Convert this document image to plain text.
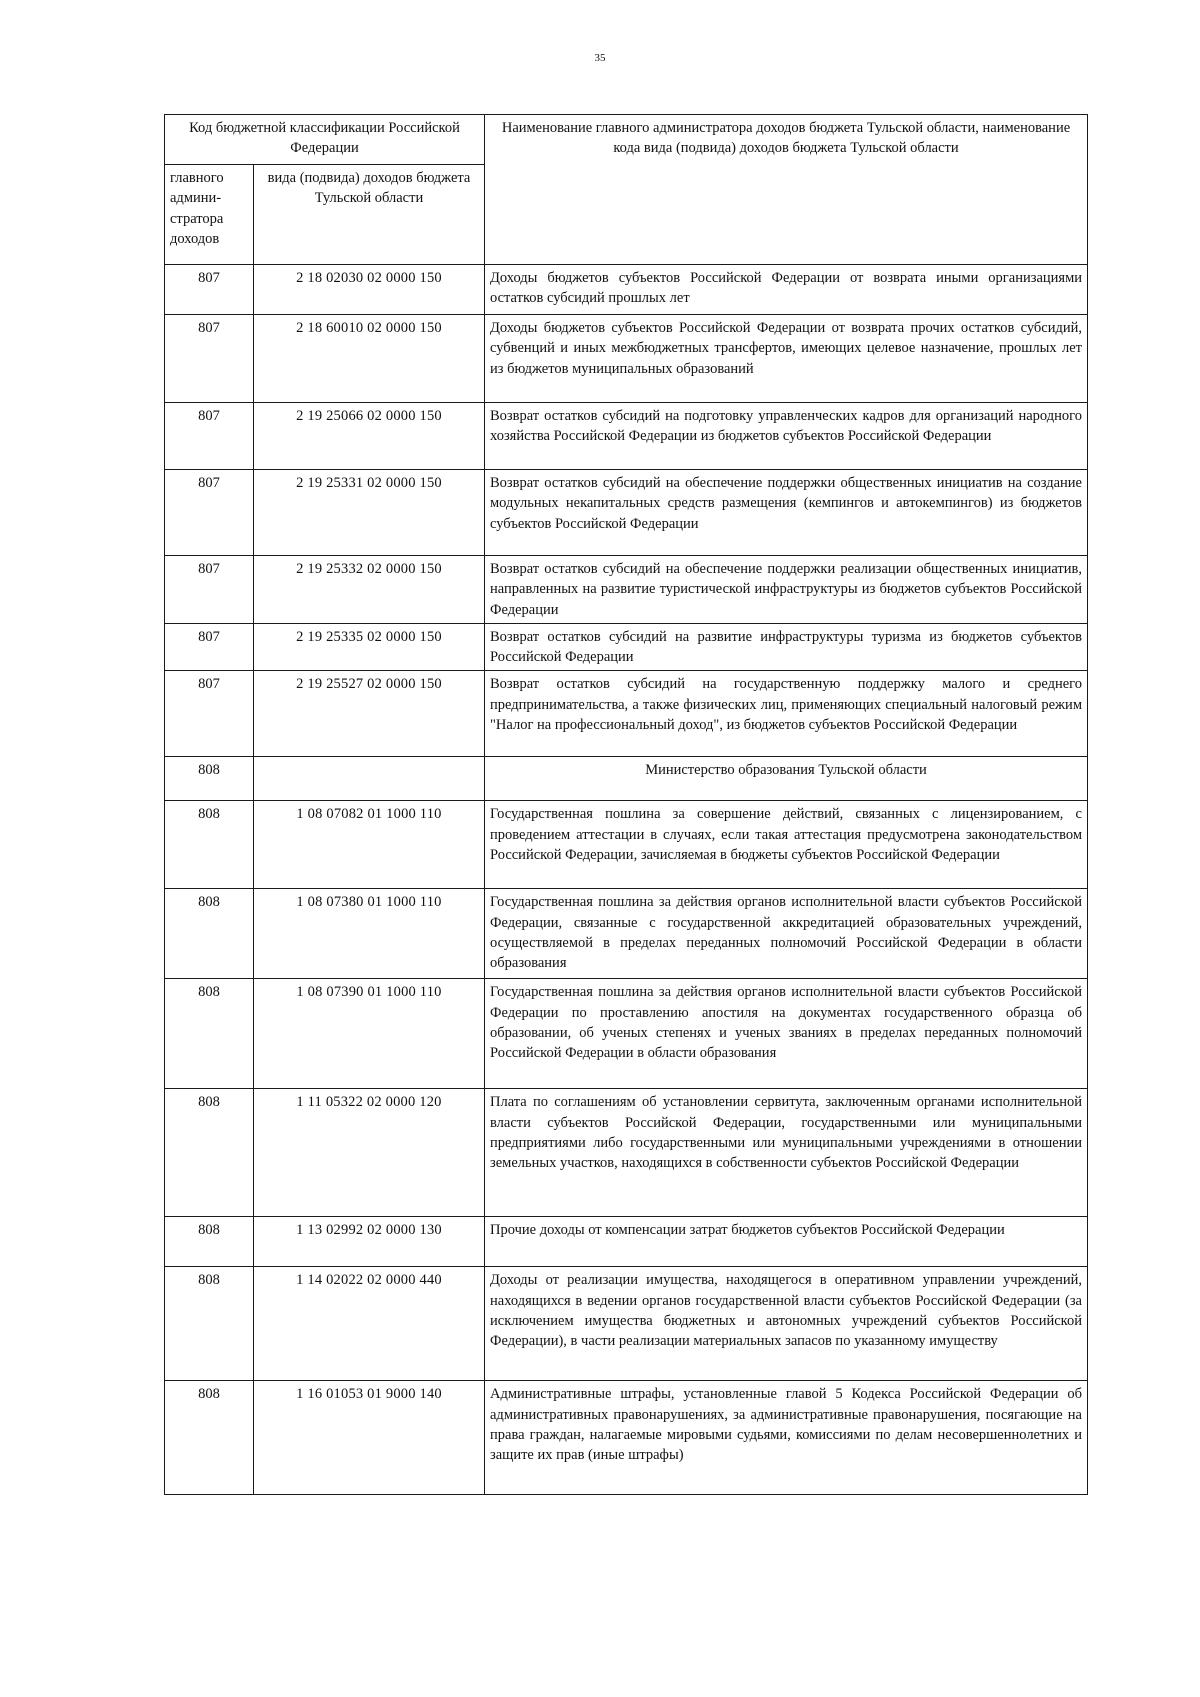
35
Код бюджетной классификации Российской Федерации		Наименование главного администратора доходов бюджета Тульской области, наименование кода вида (подвида) доходов бюджета Тульской области
главного админи-стратора доходов	вида (подвида) доходов бюджета Тульской области	
807	2 18 02030 02 0000 150	Доходы бюджетов субъектов Российской Федерации от возврата иными организациями остатков субсидий прошлых лет
807	2 18 60010 02 0000 150	Доходы бюджетов субъектов Российской Федерации от возврата прочих остатков субсидий, субвенций и иных межбюджетных трансфертов, имеющих целевое назначение, прошлых лет из бюджетов муниципальных образований
807	2 19 25066 02 0000 150	Возврат остатков субсидий на подготовку управленческих кадров для организаций народного хозяйства Российской Федерации из бюджетов субъектов Российской Федерации
807	2 19 25331 02 0000 150	Возврат остатков субсидий на обеспечение поддержки общественных инициатив на создание модульных некапитальных средств размещения (кемпингов и автокемпингов) из бюджетов субъектов Российской Федерации
807	2 19 25332 02 0000 150	Возврат остатков субсидий на обеспечение поддержки реализации общественных инициатив, направленных на развитие туристической инфраструктуры из бюджетов субъектов Российской Федерации
807	2 19 25335 02 0000 150	Возврат остатков субсидий на развитие инфраструктуры туризма из бюджетов субъектов Российской Федерации
807	2 19 25527 02 0000 150	Возврат остатков субсидий на государственную поддержку малого и среднего предпринимательства, а также физических лиц, применяющих специальный налоговый режим "Налог на профессиональный доход", из бюджетов субъектов Российской Федерации
808		Министерство образования Тульской области
808	1 08 07082 01 1000 110	Государственная пошлина за совершение действий, связанных с лицензированием, с проведением аттестации в случаях, если такая аттестация предусмотрена законодательством Российской Федерации, зачисляемая в бюджеты субъектов Российской Федерации
808	1 08 07380 01 1000 110	Государственная пошлина за действия органов исполнительной власти субъектов Российской Федерации, связанные с государственной аккредитацией образовательных учреждений, осуществляемой в пределах переданных полномочий Российской Федерации в области образования
808	1 08 07390 01 1000 110	Государственная пошлина за действия органов исполнительной власти субъектов Российской Федерации по проставлению апостиля на документах государственного образца об образовании, об ученых степенях и ученых званиях в пределах переданных полномочий Российской Федерации в области образования
808	1 11 05322 02 0000 120	Плата по соглашениям об установлении сервитута, заключенным органами исполнительной власти субъектов Российской Федерации, государственными или муниципальными предприятиями либо государственными или муниципальными учреждениями в отношении земельных участков, находящихся в собственности субъектов Российской Федерации
808	1 13 02992 02 0000 130	Прочие доходы от компенсации затрат бюджетов субъектов Российской Федерации
808	1 14 02022 02 0000 440	Доходы от реализации имущества, находящегося в оперативном управлении учреждений, находящихся в ведении органов государственной власти субъектов Российской Федерации (за исключением имущества бюджетных и автономных учреждений субъектов Российской Федерации), в части реализации материальных запасов по указанному имуществу
808	1 16 01053 01 9000 140	Административные штрафы, установленные главой 5 Кодекса Российской Федерации об административных правонарушениях, за административные правонарушения, посягающие на права граждан, налагаемые мировыми судьями, комиссиями по делам несовершеннолетних и защите их прав (иные штрафы)
